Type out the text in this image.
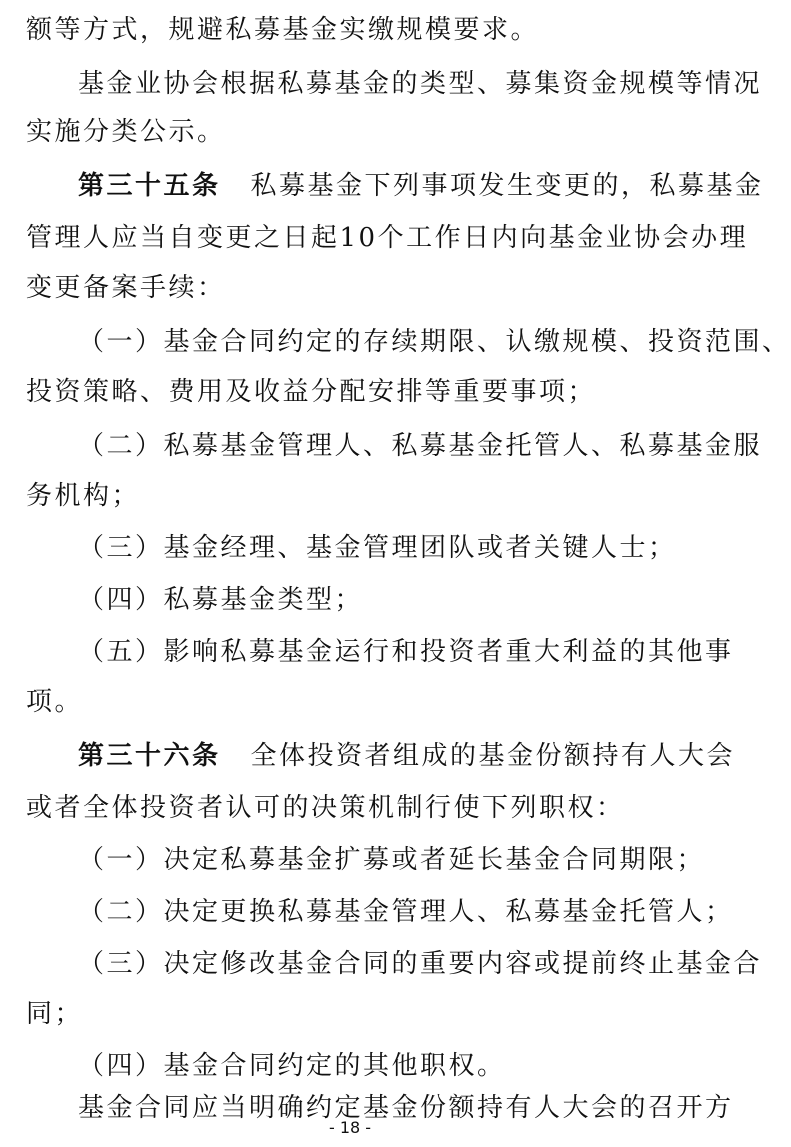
额等方式，规避私募基金实缴规模要求。
基金业协会根据私募基金的类型、募集资金规模等情况
实施分类公示。
第三十五条 私募基金下列事项发生变更的，私募基金
管理人应当自变更之日起10个工作日内向基金业协会办理
变更备案手续：
（一）基金合同约定的存续期限、认缴规模、投资范围、
投资策略、费用及收益分配安排等重要事项；
（二）私募基金管理人、私募基金托管人、私募基金服
务机构；
（三）基金经理、基金管理团队或者关键人士；
（四）私募基金类型；
（五）影响私募基金运行和投资者重大利益的其他事
项。
第三十六条 全体投资者组成的基金份额持有人大会
或者全体投资者认可的决策机制行使下列职权：
（一）决定私募基金扩募或者延长基金合同期限；
（二）决定更换私募基金管理人、私募基金托管人；
（三）决定修改基金合同的重要内容或提前终止基金合
同；
（四）基金合同约定的其他职权。
基金合同应当明确约定基金份额持有人大会的召开方
- 18 -
